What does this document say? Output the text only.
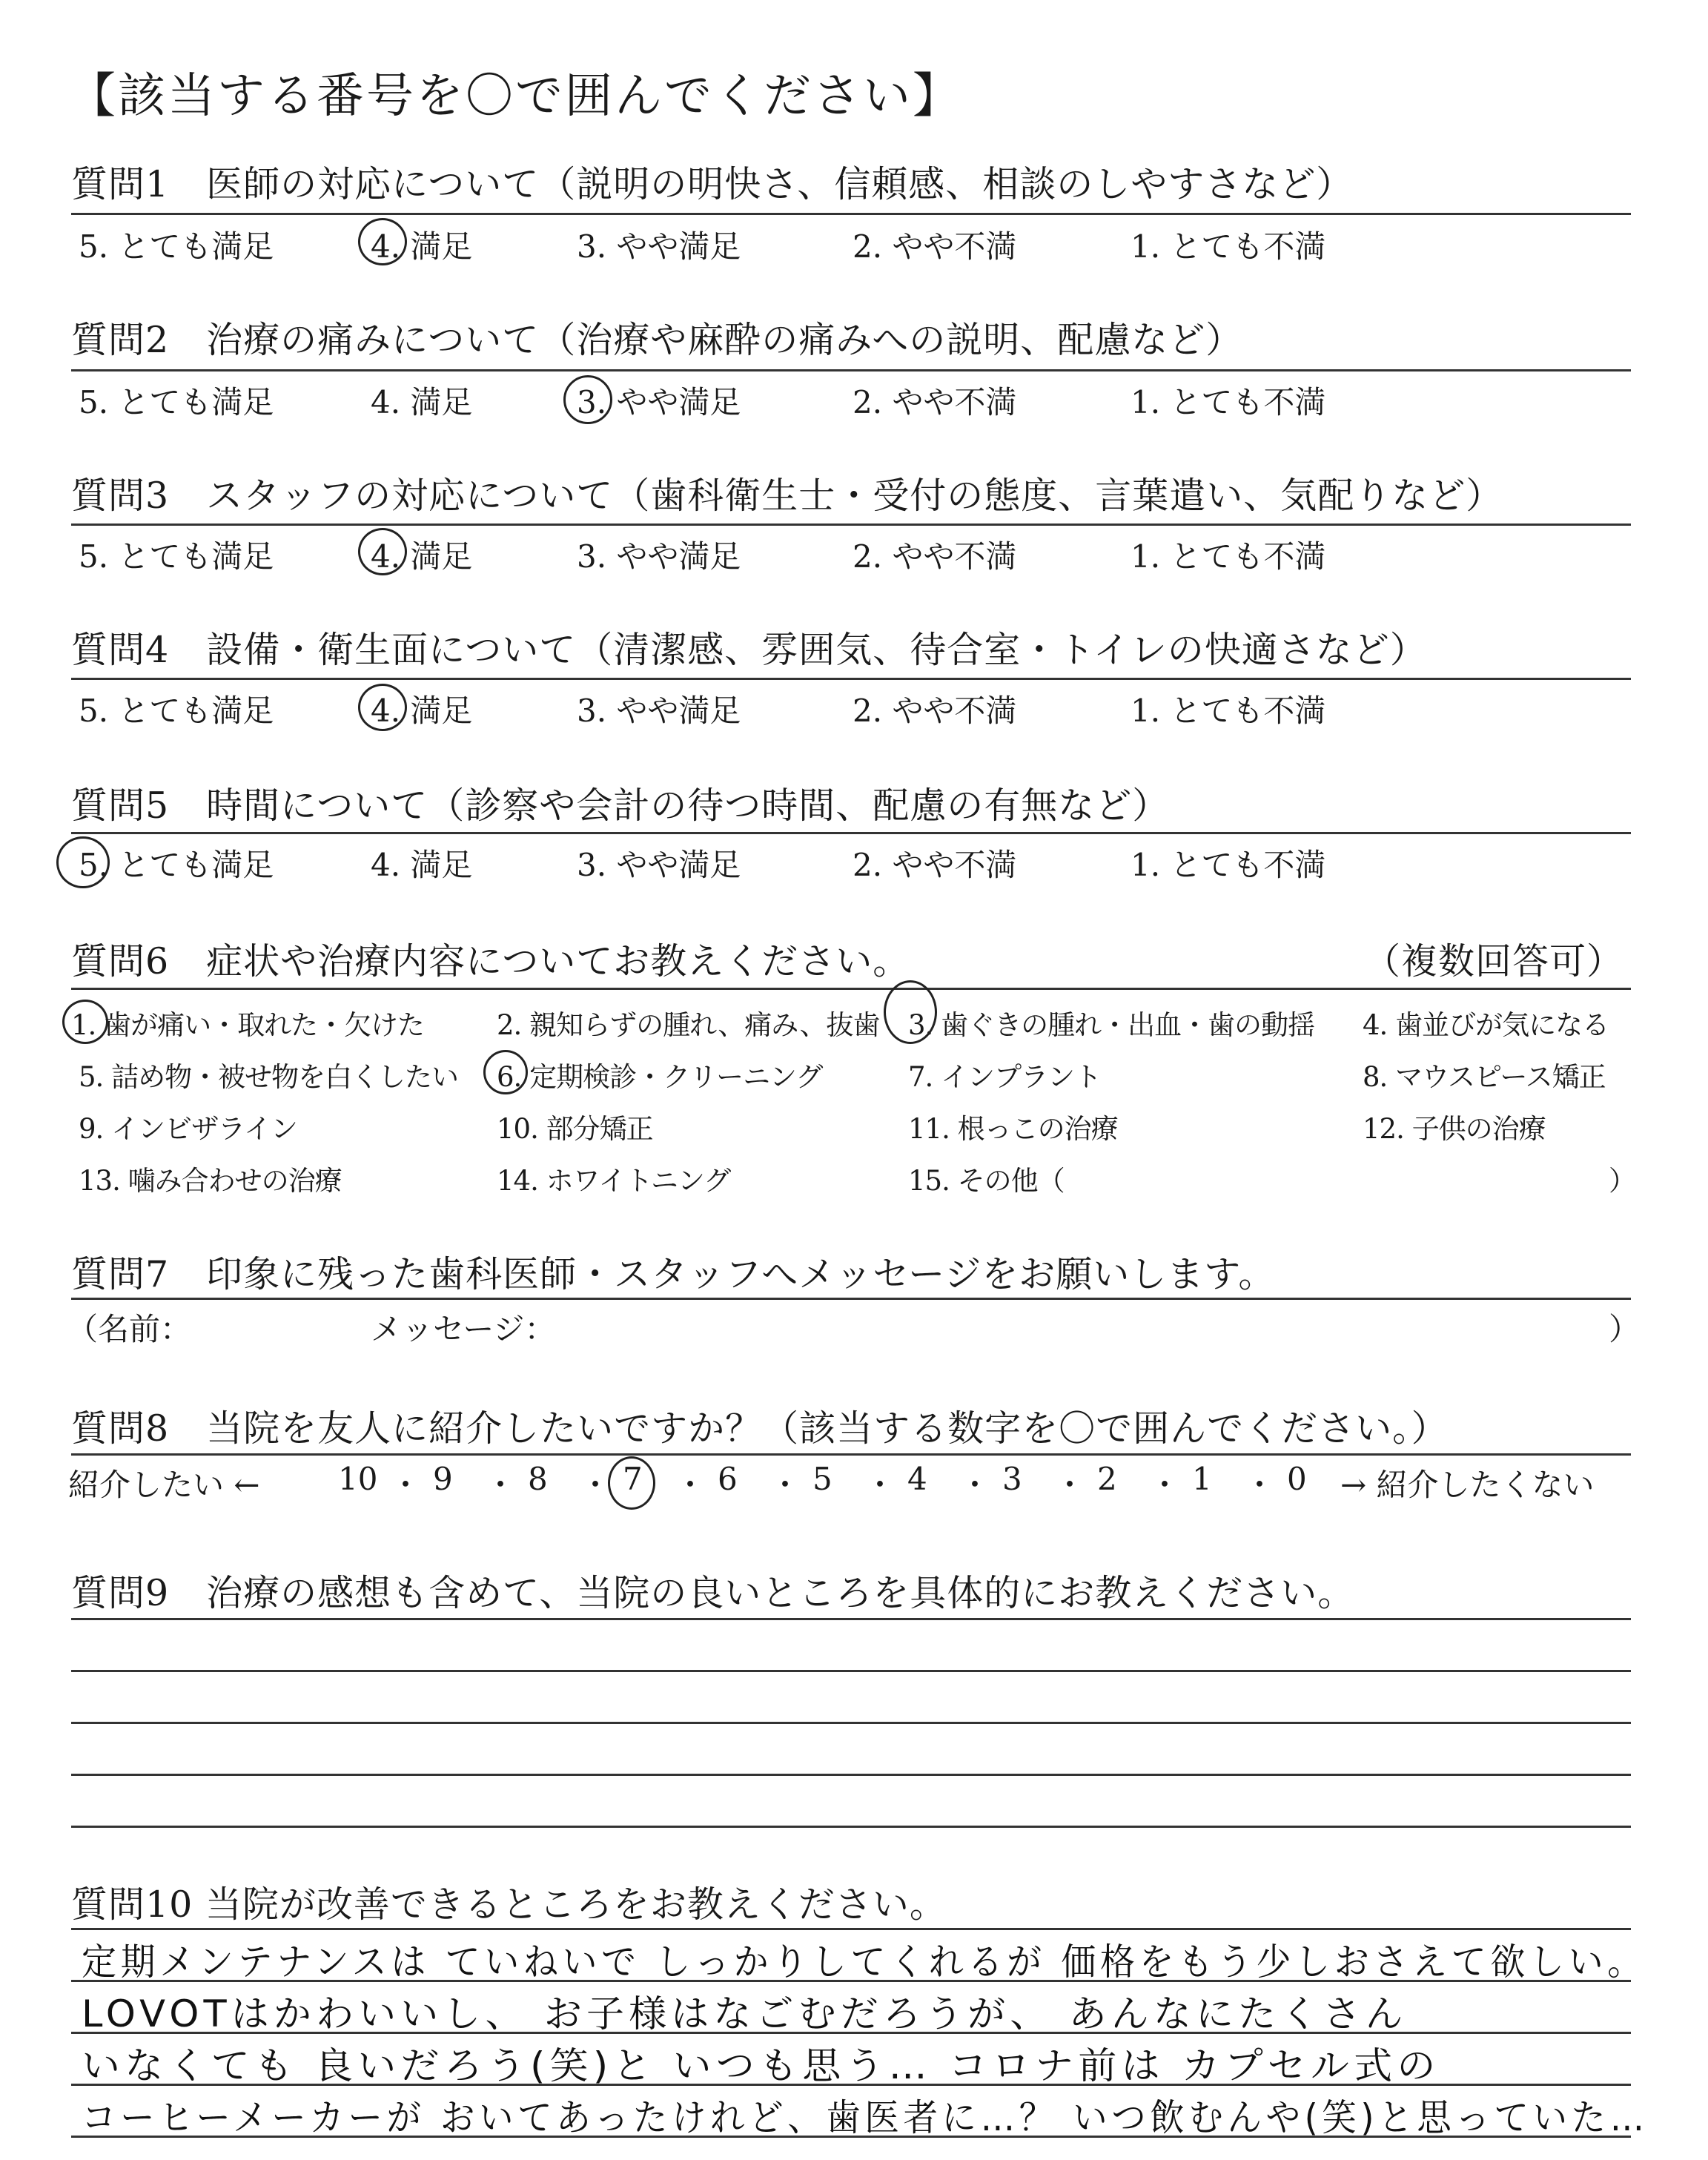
【該当する番号を〇で囲んでください】
質問1　医師の対応について（説明の明快さ、信頼感、相談のしやすさなど）
5. とても満足	4. 満足	3. やや満足	2. やや不満	1. とても不満
質問2　治療の痛みについて（治療や麻酔の痛みへの説明、配慮など）
5. とても満足	4. 満足	3. やや満足	2. やや不満	1. とても不満
質問3　スタッフの対応について（歯科衛生士・受付の態度、言葉遣い、気配りなど）
5. とても満足	4. 満足	3. やや満足	2. やや不満	1. とても不満
質問4　設備・衛生面について（清潔感、雰囲気、待合室・トイレの快適さなど）
5. とても満足	4. 満足	3. やや満足	2. やや不満	1. とても不満
質問5　時間について（診察や会計の待つ時間、配慮の有無など）
5. とても満足	4. 満足	3. やや満足	2. やや不満	1. とても不満
質問6　症状や治療内容についてお教えください。	（複数回答可）
1. 歯が痛い・取れた・欠けた	2. 親知らずの腫れ、痛み、抜歯 3. 歯ぐきの腫れ・出血・歯の動揺 4. 歯並びが気になる
5. 詰め物・被せ物を白くしたい 6. 定期検診・クリーニング	7. インプラント	8. マウスピース矯正
9. インビザライン	10. 部分矯正	11. 根っこの治療	12. 子供の治療
13. 噛み合わせの治療	14. ホワイトニング	15. その他（	）
質問7　印象に残った歯科医師・スタッフへメッセージをお願いします。
（名前：	メッセージ：	）
質問8　当院を友人に紹介したいですか？（該当する数字を〇で囲んでください。）
紹介したい ←	→ 紹介したくない
10 ・ 9 ・ 8 ・ 7 ・ 6 ・ 5 ・ 4 ・ 3 ・ 2 ・ 1 ・ 0
質問9　治療の感想も含めて、当院の良いところを具体的にお教えください。
質問10 当院が改善できるところをお教えください。
定期メンテナンスは ていねいで しっかりしてくれるが 価格をもう少しおさえて欲しい。
LOVOTはかわいいし、 お子様はなごむだろうが、 あんなにたくさん
いなくても 良いだろう(笑)と いつも思う… コロナ前は カプセル式の
コーヒーメーカーが おいてあったけれど、歯医者に…？ いつ飲むんや(笑)と思っていた…
